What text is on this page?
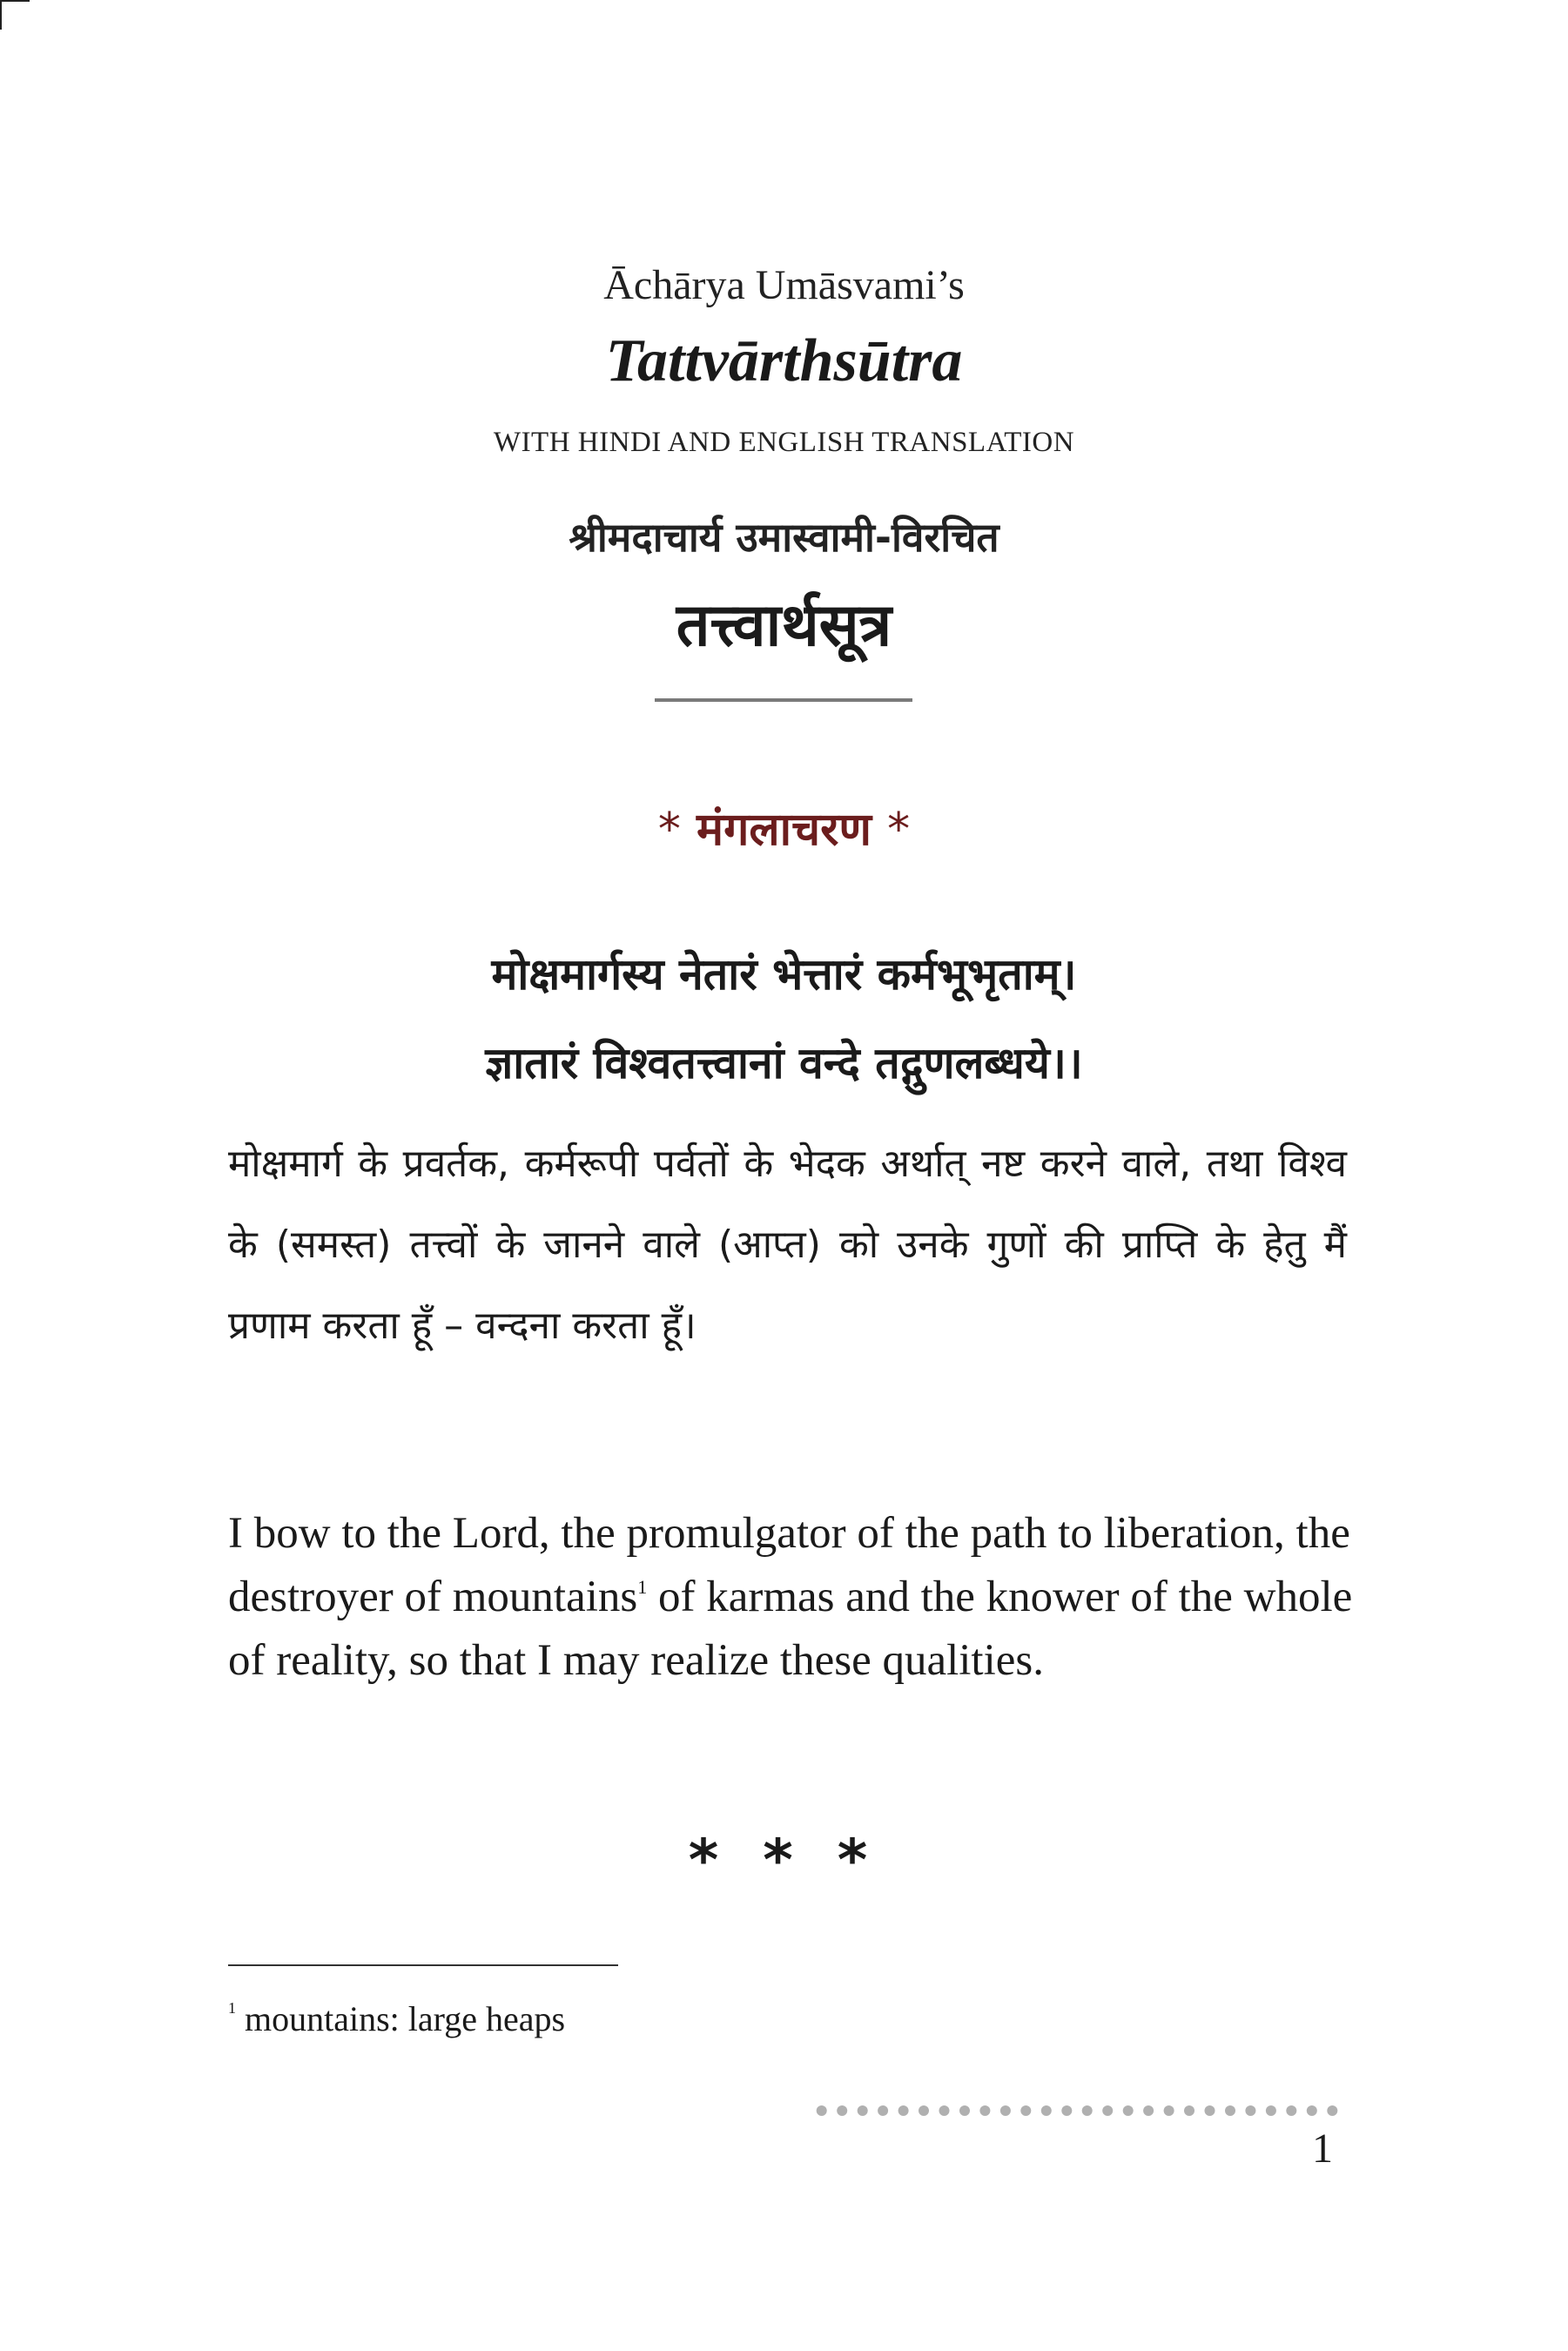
Āchārya Umāsvami’s
Tattvārthsūtra
WITH HINDI AND ENGLISH TRANSLATION
श्रीमदाचार्य उमास्वामी-विरचित
तत्त्वार्थसूत्र
* मंगलाचरण *
मोक्षमार्गस्य नेतारं भेत्तारं कर्मभूभृताम्।
ज्ञातारं विश्वतत्त्वानां वन्दे तद्गुणलब्धये।।

मोक्षमार्ग के प्रवर्तक, कर्मरूपी पर्वतों के भेदक अर्थात् नष्ट करने वाले, तथा विश्व के (समस्त) तत्त्वों के जानने वाले (आप्त) को उनके गुणों की प्राप्ति के हेतु मैं प्रणाम करता हूँ – वन्दना करता हूँ।

I bow to the Lord, the promulgator of the path to liberation, the destroyer of mountains$^1$ of karmas and the knower of the whole of reality, so that I may realize these qualities.

* * *
$^1$ mountains: large heaps
1
